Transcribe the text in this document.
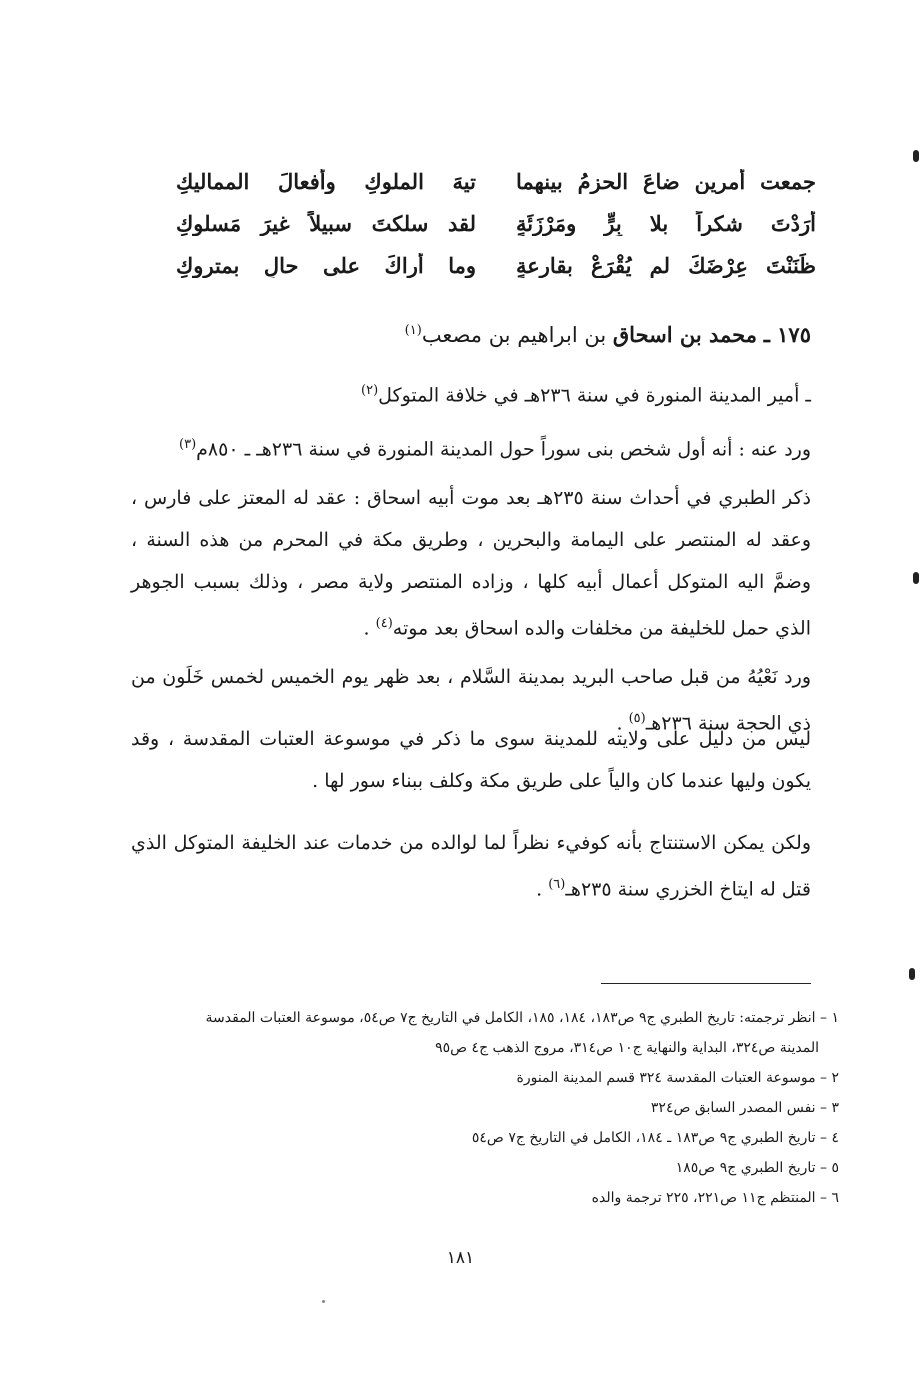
جمعت أمرين ضاعَ الحزمُ بينهما
تيهَ الملوكِ وأفعالَ المماليكِ
أَرَدْتَ شكراً بلا بِرٍّ ومَرْزَئَةٍ
لقد سلكتَ سبيلاً غيرَ مَسلوكِ
ظَنَنْتَ عِرْضَكَ لم يُقْرَعْ بقارعةٍ
وما أراكَ على حالٍ بمتروكِ
١٧٥ ـ محمد بن اسحاق بن ابراهيم بن مصعب$^{(١)}$
ـ أمير المدينة المنورة في سنة ٢٣٦هـ في خلافة المتوكل$^{(٢)}$
ورد عنه : أنه أول شخص بنى سوراً حول المدينة المنورة في سنة ٢٣٦هـ ـ ٨٥٠م$^{(٣)}$
ذكر الطبري في أحداث سنة ٢٣٥هـ بعد موت أبيه اسحاق : عقد له المعتز على فارس ، وعقد له المنتصر على اليمامة والبحرين ، وطريق مكة في المحرم من هذه السنة ، وضمَّ اليه المتوكل أعمال أبيه كلها ، وزاده المنتصر ولاية مصر ، وذلك بسبب الجوهر الذي حمل للخليفة من مخلفات والده اسحاق بعد موته$^{(٤)}$ .
ورد نَعْيُهُ من قبل صاحب البريد بمدينة السَّلام ، بعد ظهر يوم الخميس لخمس خَلَون من ذي الحجة سنة ٢٣٦هـ$^{(٥)}$ .
ليس من دليل على ولايته للمدينة سوى ما ذكر في موسوعة العتبات المقدسة ، وقد يكون وليها عندما كان والياً على طريق مكة وكلف ببناء سور لها .
ولكن يمكن الاستنتاج بأنه كوفيء نظراً لما لوالده من خدمات عند الخليفة المتوكل الذي قتل له ايتاخ الخزري سنة ٢٣٥هـ$^{(٦)}$ .
١ – انظر ترجمته: تاريخ الطبري ج٩ ص١٨٣، ١٨٤، ١٨٥، الكامل في التاريخ ج٧ ص٥٤، موسوعة العتبات المقدسة
المدينة ص٣٢٤، البداية والنهاية ج١٠ ص٣١٤، مروج الذهب ج٤ ص٩٥
٢ – موسوعة العتبات المقدسة ٣٢٤ قسم المدينة المنورة
٣ – نفس المصدر السابق ص٣٢٤
٤ – تاريخ الطبري ج٩ ص١٨٣ ـ ١٨٤، الكامل في التاريخ ج٧ ص٥٤
٥ – تاريخ الطبري ج٩ ص١٨٥
٦ – المنتظم ج١١ ص٢٢١، ٢٢٥ ترجمة والده
١٨١
